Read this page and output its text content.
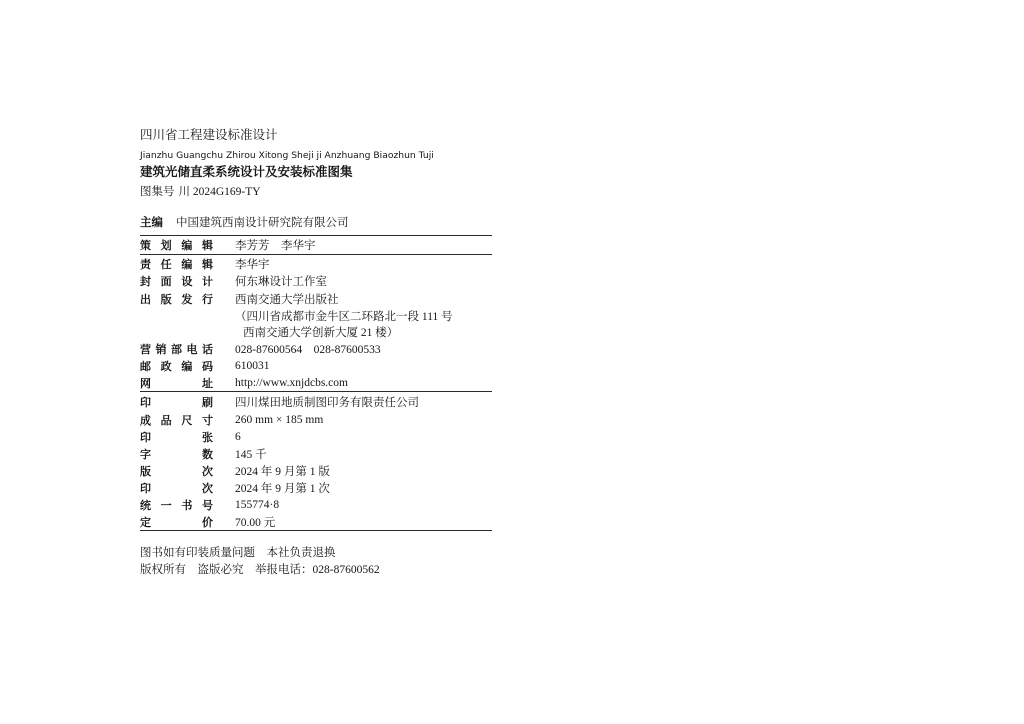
四川省工程建设标准设计
Jianzhu Guangchu Zhirou Xitong Sheji ji Anzhuang Biaozhun Tuji
建筑光储直柔系统设计及安装标准图集
图集号 川 2024G169-TY
主编 中国建筑西南设计研究院有限公司
策 划 编 辑 李芳芳　李华宇
责 任 编 辑 李华宇
封 面 设 计 何东琳设计工作室
出 版 发 行 西南交通大学出版社
（四川省成都市金牛区二环路北一段 111 号
西南交通大学创新大厦 21 楼）
营 销 部 电 话 028-87600564　028-87600533
邮 政 编 码 610031
网	址 http://www.xnjdcbs.com
印	刷 四川煤田地质制图印务有限责任公司
成 品 尺 寸 260 mm × 185 mm
印	张 6
字	数 145 千
版	次 2024 年 9 月第 1 版
印	次 2024 年 9 月第 1 次
统 一 书 号 155774·8
定	价 70.00 元
图书如有印装质量问题　本社负责退换
版权所有　盗版必究　举报电话：028-87600562
